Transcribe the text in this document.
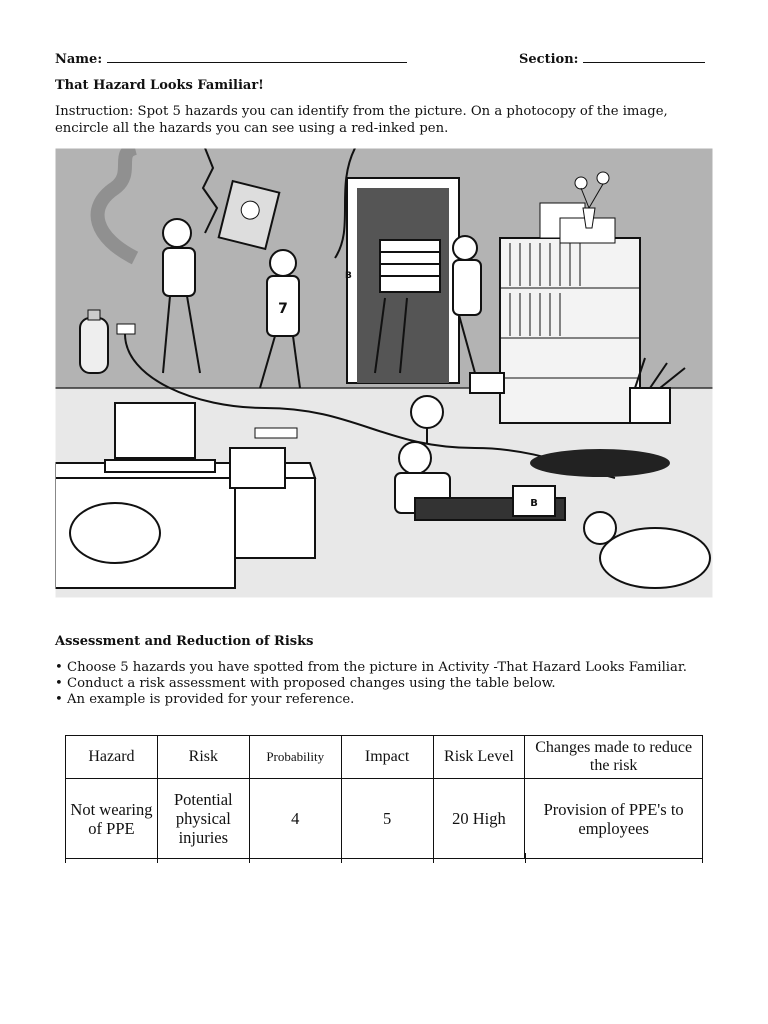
Name:	Section:
That Hazard Looks Familiar!
Instruction: Spot 5 hazards you can identify from the picture. On a photocopy of the image, encircle all the hazards you can see using a red-inked pen.
7
B
B
Assessment and Reduction of Risks
• Choose 5 hazards you have spotted from the picture in Activity -That Hazard Looks Familiar.
• Conduct a risk assessment with proposed changes using the table below.
• An example is provided for your reference.
Hazard	Risk	Probability	Impact	Risk Level	Changes made to reduce the risk
Not wearing of PPE	Potential physical injuries	4	5	20 High	Provision of PPE's to employees
